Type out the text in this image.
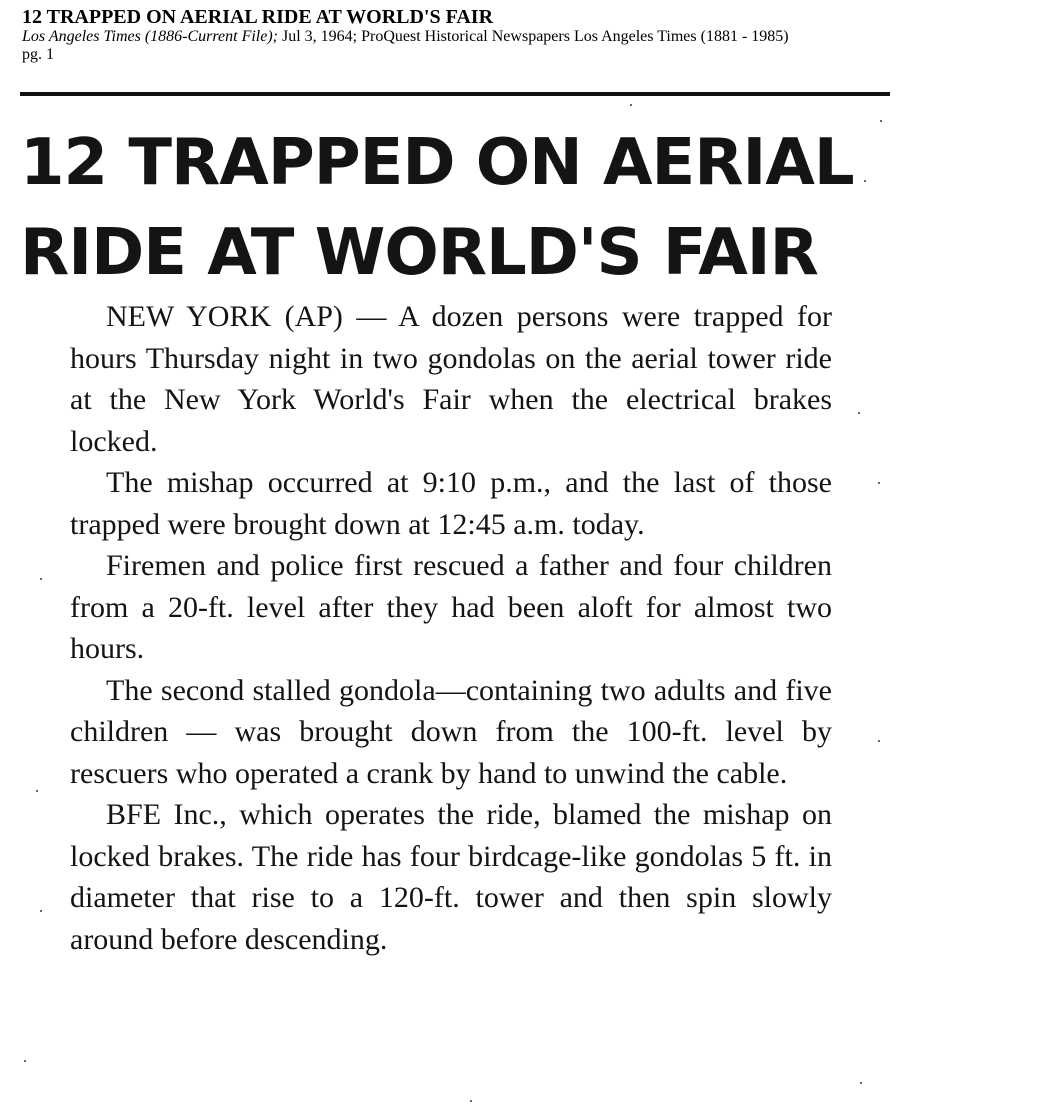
12 TRAPPED ON AERIAL RIDE AT WORLD'S FAIR
Los Angeles Times (1886-Current File); Jul 3, 1964; ProQuest Historical Newspapers Los Angeles Times (1881 - 1985)
pg. 1
12 TRAPPED ON AERIAL
RIDE AT WORLD'S FAIR

NEW YORK (AP) — A dozen persons were trapped for hours Thursday night in two gondolas on the aerial tower ride at the New York World's Fair when the electrical brakes locked.

The mishap occurred at 9:10 p.m., and the last of those trapped were brought down at 12:45 a.m. today.

Firemen and police first rescued a father and four children from a 20-ft. level after they had been aloft for almost two hours.

The second stalled gondola—containing two adults and five children — was brought down from the 100-ft. level by rescuers who operated a crank by hand to unwind the cable.

BFE Inc., which operates the ride, blamed the mishap on locked brakes. The ride has four birdcage-like gondolas 5 ft. in diameter that rise to a 120-ft. tower and then spin slowly around before descending.
